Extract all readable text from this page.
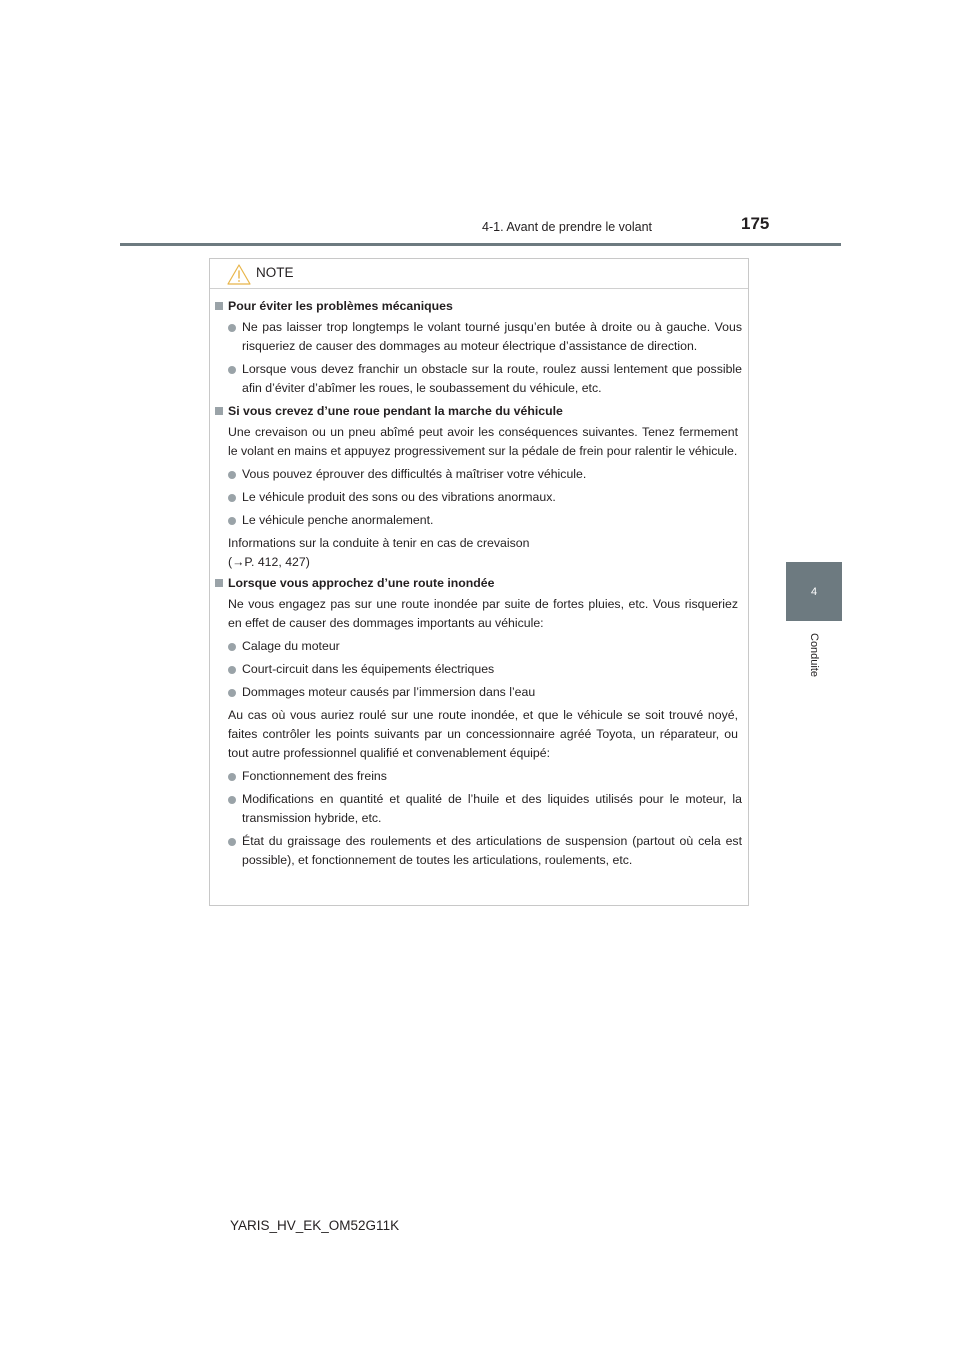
4-1. Avant de prendre le volant	175
4
Conduite
NOTE
Pour éviter les problèmes mécaniques
Ne pas laisser trop longtemps le volant tourné jusqu’en butée à droite ou à gauche. Vous risqueriez de causer des dommages au moteur électrique d’assistance de direction.
Lorsque vous devez franchir un obstacle sur la route, roulez aussi lentement que possible afin d’éviter d’abîmer les roues, le soubassement du véhicule, etc.
Si vous crevez d’une roue pendant la marche du véhicule
Une crevaison ou un pneu abîmé peut avoir les conséquences suivantes. Tenez fermement le volant en mains et appuyez progressivement sur la pédale de frein pour ralentir le véhicule.
Vous pouvez éprouver des difficultés à maîtriser votre véhicule.
Le véhicule produit des sons ou des vibrations anormaux.
Le véhicule penche anormalement.
Informations sur la conduite à tenir en cas de crevaison
(→P. 412, 427)
Lorsque vous approchez d’une route inondée
Ne vous engagez pas sur une route inondée par suite de fortes pluies, etc. Vous risqueriez en effet de causer des dommages importants au véhicule:
Calage du moteur
Court-circuit dans les équipements électriques
Dommages moteur causés par l’immersion dans l’eau
Au cas où vous auriez roulé sur une route inondée, et que le véhicule se soit trouvé noyé, faites contrôler les points suivants par un concessionnaire agréé Toyota, un réparateur, ou tout autre professionnel qualifié et convenablement équipé:
Fonctionnement des freins
Modifications en quantité et qualité de l’huile et des liquides utilisés pour le moteur, la transmission hybride, etc.
État du graissage des roulements et des articulations de suspension (partout où cela est possible), et fonctionnement de toutes les articulations, roulements, etc.
YARIS_HV_EK_OM52G11K
